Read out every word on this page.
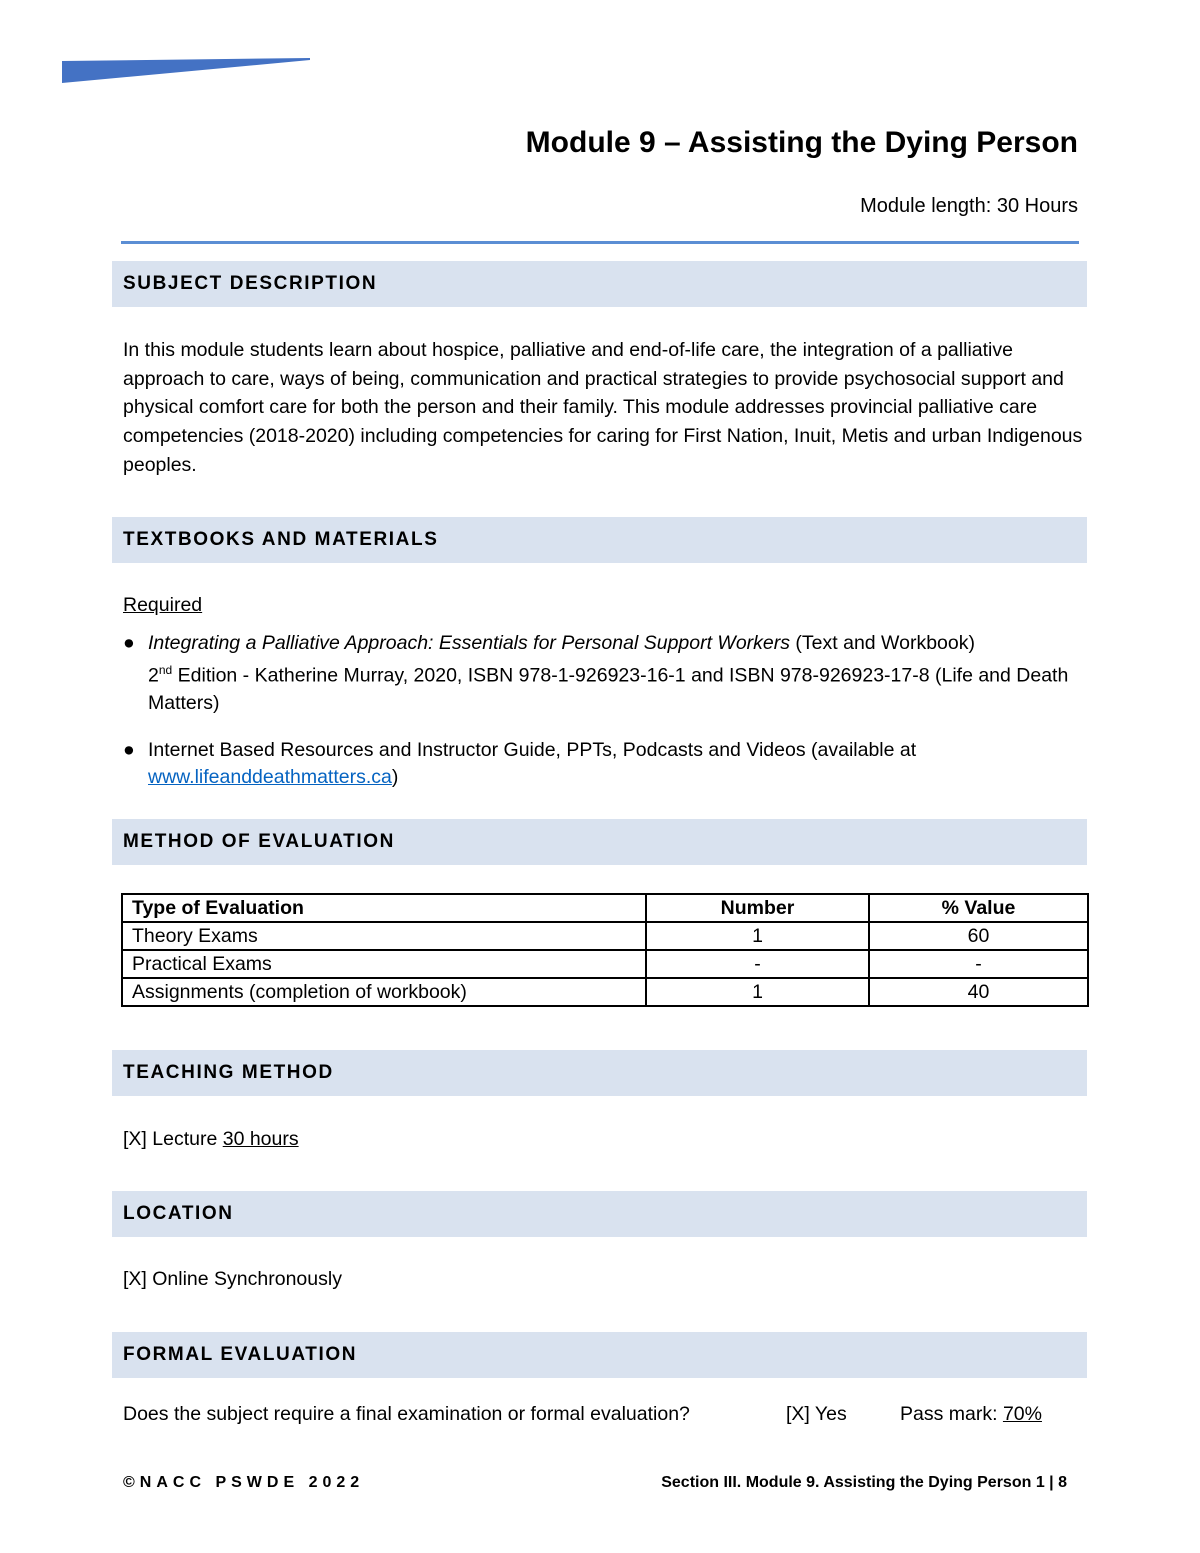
Module 9 – Assisting the Dying Person
Module length: 30 Hours
SUBJECT DESCRIPTION
In this module students learn about hospice, palliative and end-of-life care, the integration of a palliative approach to care, ways of being, communication and practical strategies to provide psychosocial support and physical comfort care for both the person and their family. This module addresses provincial palliative care competencies (2018-2020) including competencies for caring for First Nation, Inuit, Metis and urban Indigenous peoples.
TEXTBOOKS AND MATERIALS
Required
● Integrating a Palliative Approach: Essentials for Personal Support Workers (Text and Workbook)
2nd Edition - Katherine Murray, 2020, ISBN 978-1-926923-16-1 and ISBN 978-926923-17-8 (Life and Death Matters)
● Internet Based Resources and Instructor Guide, PPTs, Podcasts and Videos (available at www.lifeanddeathmatters.ca)
METHOD OF EVALUATION
Type of Evaluation	Number	% Value
Theory Exams	1	60
Practical Exams	-	-
Assignments (completion of workbook)	1	40
TEACHING METHOD
[X] Lecture 30 hours
LOCATION
[X] Online Synchronously
FORMAL EVALUATION
Does the subject require a final examination or formal evaluation?	[X] Yes	Pass mark: 70%
©NACC PSWDE 2022	Section III. Module 9. Assisting the Dying Person 1 | 8
